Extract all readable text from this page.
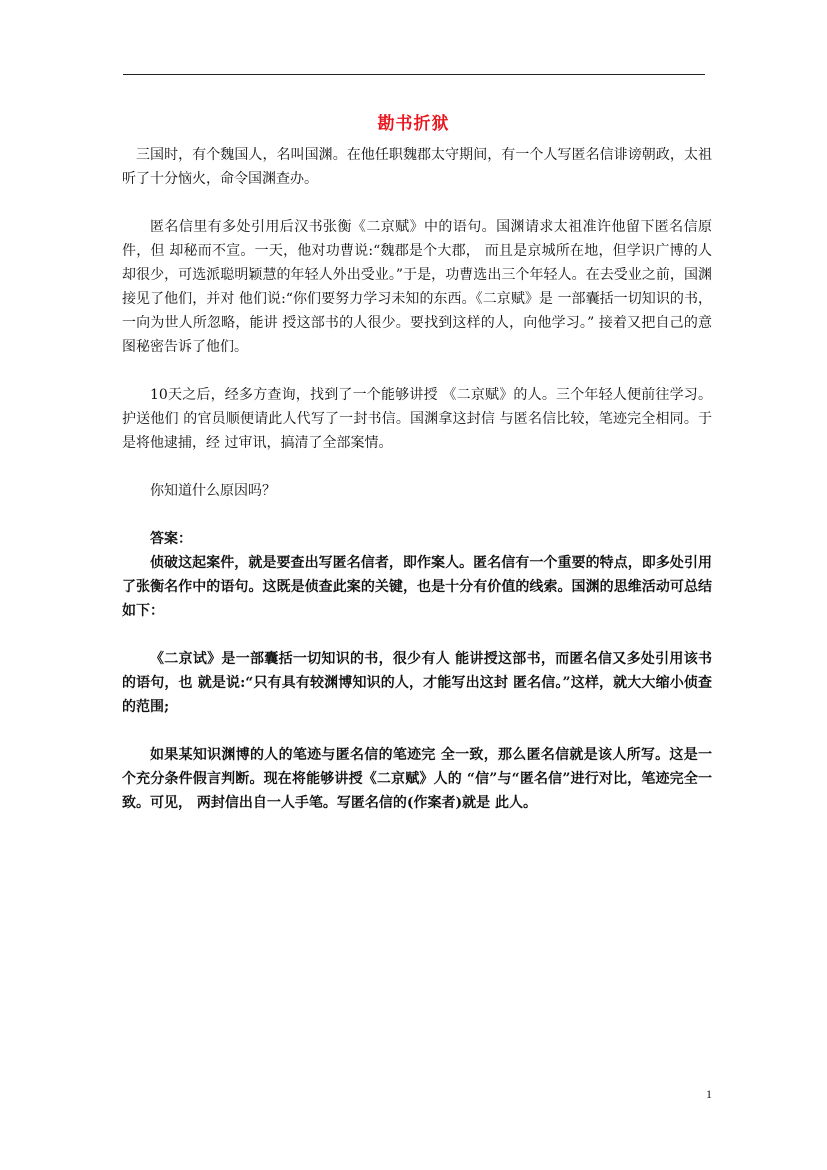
勘书折狱

三国时，有个魏国人，名叫国渊。在他任职魏郡太守期间，有一个人写匿名信诽谤朝政，太祖听了十分恼火，命令国渊查办。

匿名信里有多处引用后汉书张衡《二京赋》中的语句。国渊请求太祖准许他留下匿名信原件，但 却秘而不宣。一天，他对功曹说:“魏郡是个大郡， 而且是京城所在地，但学识广博的人却很少，可选派聪明颖慧的年轻人外出受业。”于是，功曹选出三个年轻人。在去受业之前，国渊接见了他们，并对 他们说:“你们要努力学习未知的东西。《二京赋》是 一部囊括一切知识的书，一向为世人所忽略，能讲 授这部书的人很少。要找到这样的人，向他学习。” 接着又把自己的意图秘密告诉了他们。

10天之后，经多方查询，找到了一个能够讲授 《二京赋》的人。三个年轻人便前往学习。护送他们 的官员顺便请此人代写了一封书信。国渊拿这封信 与匿名信比较，笔迹完全相同。于是将他逮捕，经 过审讯，搞清了全部案情。

你知道什么原因吗？

答案：

侦破这起案件，就是要查出写匿名信者，即作案人。匿名信有一个重要的特点，即多处引用了张衡名作中的语句。这既是侦查此案的关键，也是十分有价值的线索。国渊的思维活动可总结如下：

《二京试》是一部囊括一切知识的书，很少有人 能讲授这部书，而匿名信又多处引用该书的语句，也 就是说:“只有具有较渊博知识的人，才能写出这封 匿名信。”这样，就大大缩小侦查的范围;

如果某知识渊博的人的笔迹与匿名信的笔迹完 全一致，那么匿名信就是该人所写。这是一个充分条件假言判断。现在将能够讲授《二京赋》人的 “信”与“匿名信”进行对比，笔迹完全一致。可见， 两封信出自一人手笔。写匿名信的(作案者)就是 此人。

1
